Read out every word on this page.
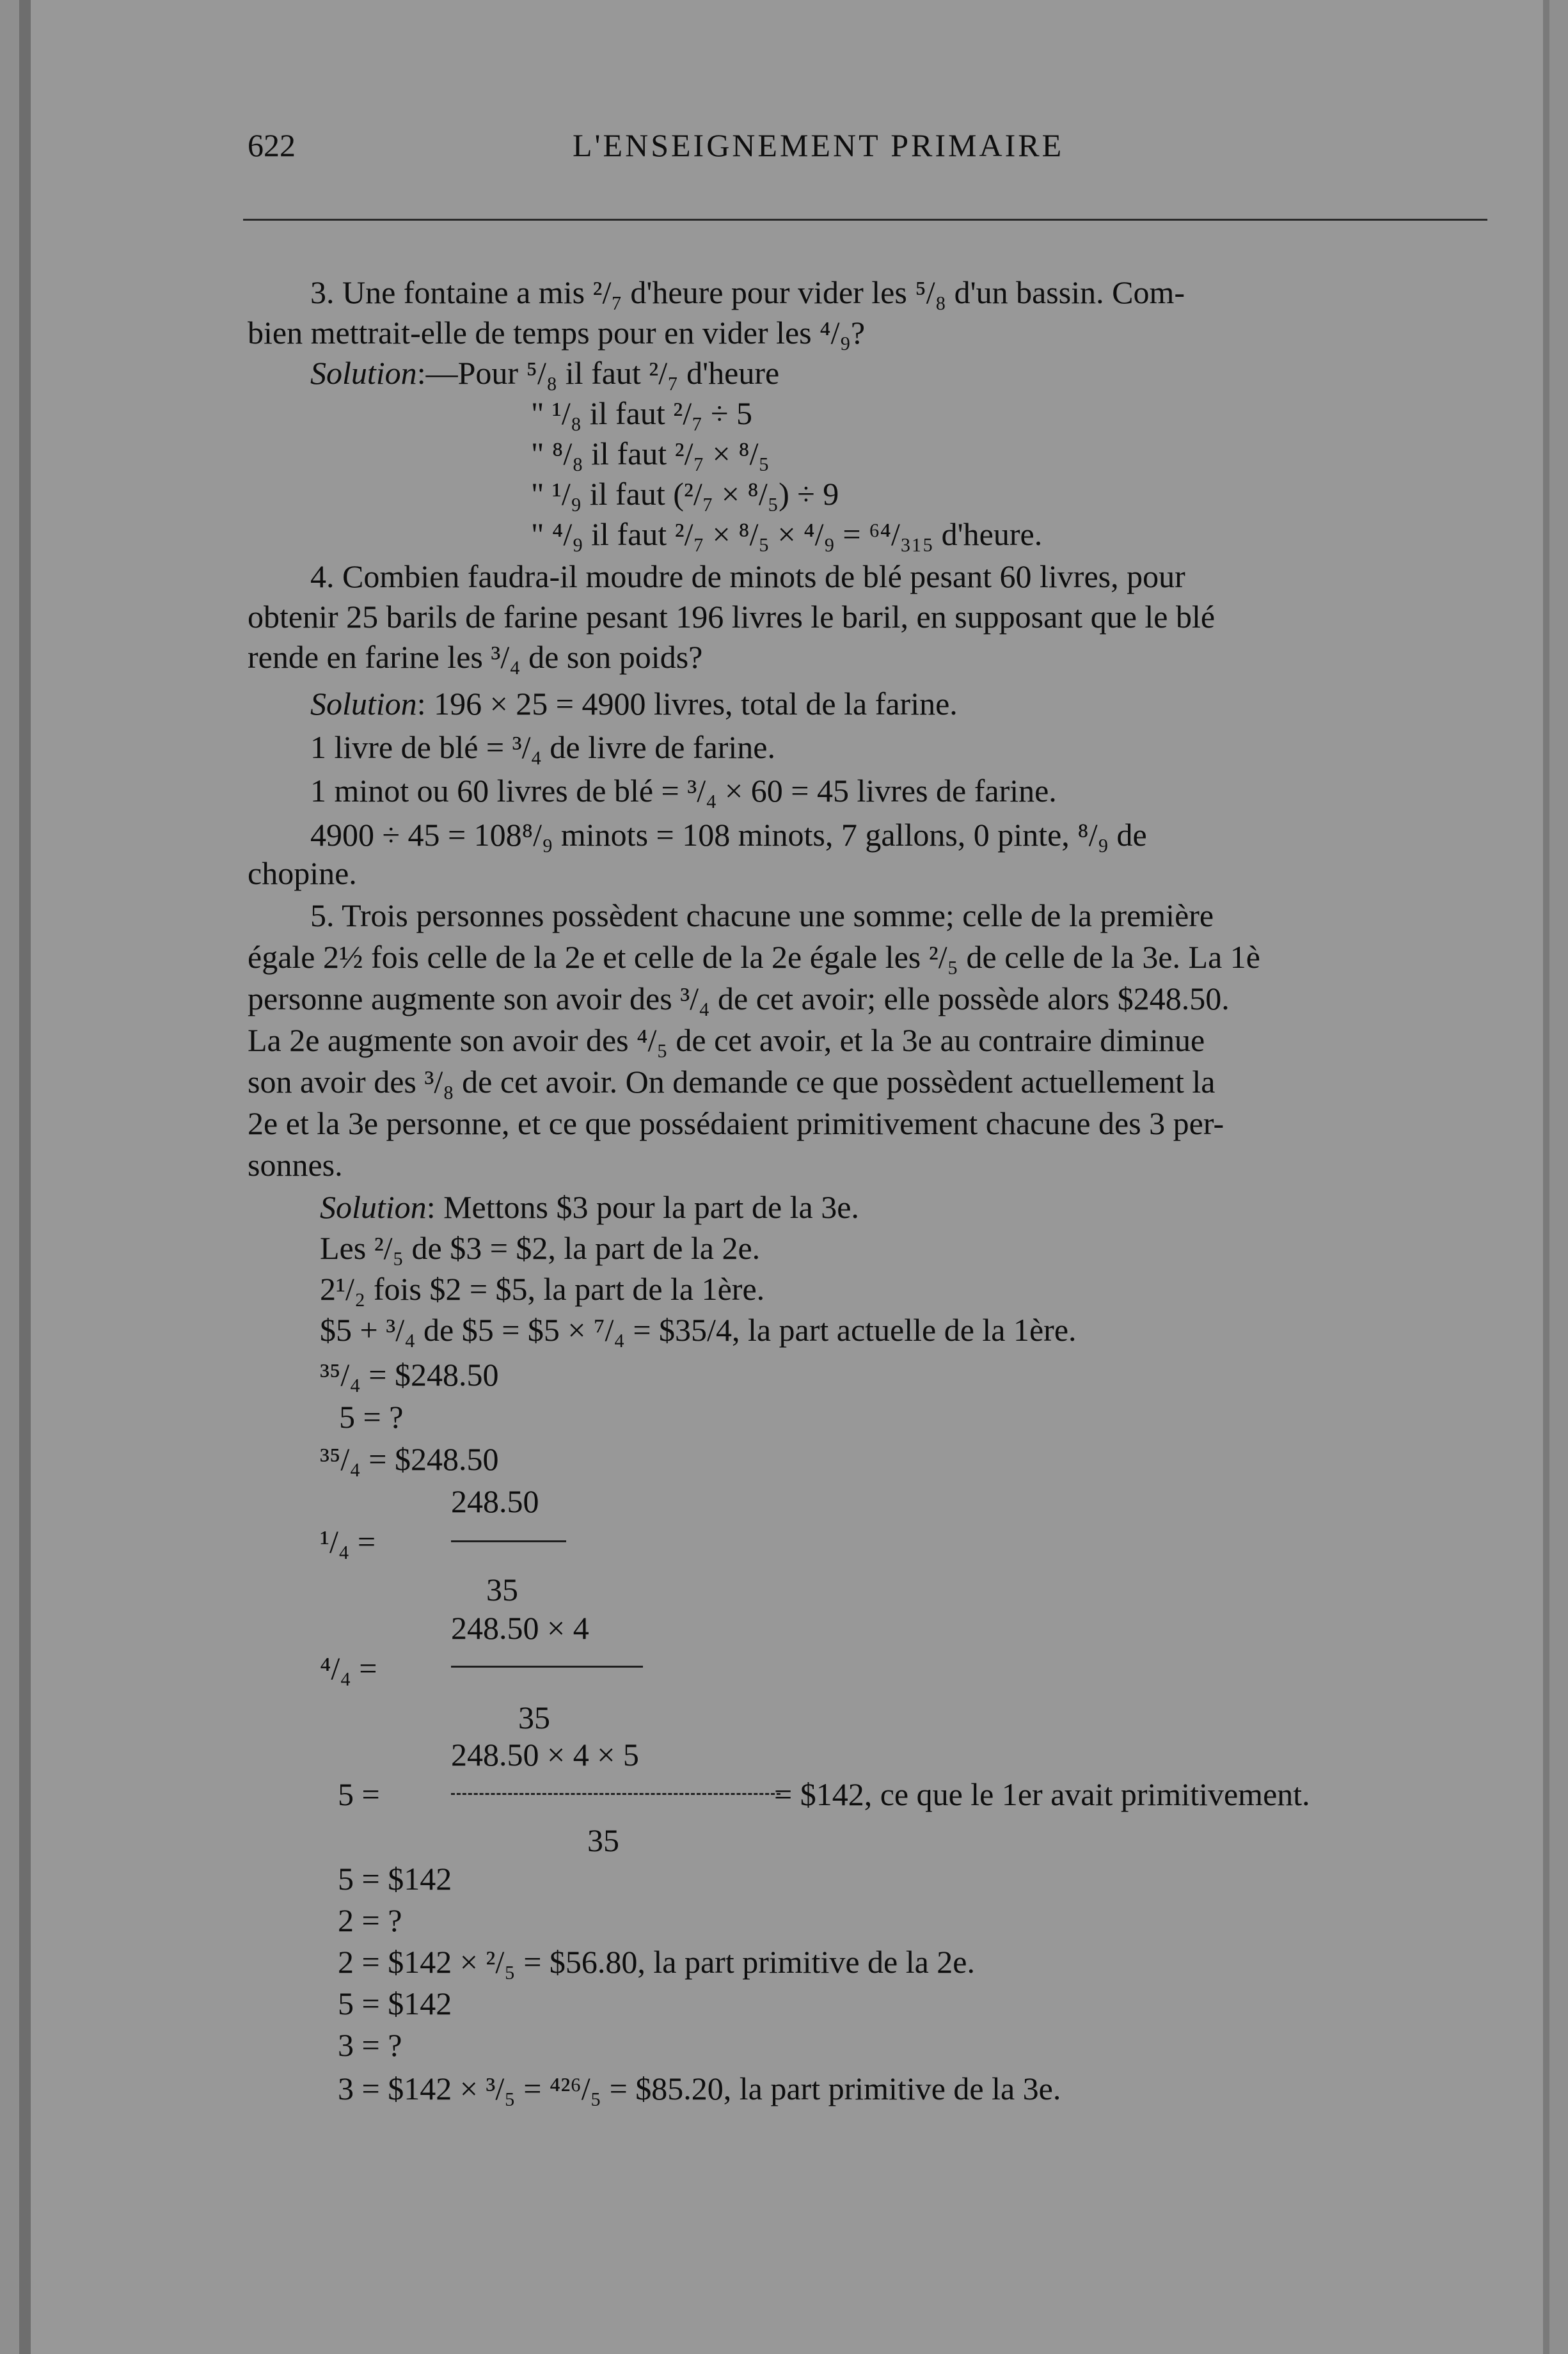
622	L'ENSEIGNEMENT PRIMAIRE
3. Une fontaine a mis ²/₇ d'heure pour vider les ⁵/₈ d'un bassin. Com-
bien mettrait-elle de temps pour en vider les ⁴/₉?
Solution:—Pour ⁵/₈ il faut ²/₇ d'heure
" ¹/₈ il faut ²/₇ ÷ 5
" ⁸/₈ il faut ²/₇ × ⁸/₅
" ¹/₉ il faut (²/₇ × ⁸/₅) ÷ 9
" ⁴/₉ il faut ²/₇ × ⁸/₅ × ⁴/₉ = ⁶⁴/₃₁₅ d'heure.
4. Combien faudra-il moudre de minots de blé pesant 60 livres, pour
obtenir 25 barils de farine pesant 196 livres le baril, en supposant que le blé
rende en farine les ³/₄ de son poids?
Solution: 196 × 25 = 4900 livres, total de la farine.
1 livre de blé = ³/₄ de livre de farine.
1 minot ou 60 livres de blé = ³/₄ × 60 = 45 livres de farine.
4900 ÷ 45 = 108⁸/₉ minots = 108 minots, 7 gallons, 0 pinte, ⁸/₉ de
chopine.
5. Trois personnes possèdent chacune une somme; celle de la première
égale 2½ fois celle de la 2e et celle de la 2e égale les ²/₅ de celle de la 3e. La 1è
personne augmente son avoir des ³/₄ de cet avoir; elle possède alors $248.50.
La 2e augmente son avoir des ⁴/₅ de cet avoir, et la 3e au contraire diminue
son avoir des ³/₈ de cet avoir. On demande ce que possèdent actuellement la
2e et la 3e personne, et ce que possédaient primitivement chacune des 3 per-
sonnes.
Solution: Mettons $3 pour la part de la 3e.
Les ²/₅ de $3 = $2, la part de la 2e.
2¹/₂ fois $2 = $5, la part de la 1ère.
$5 + ³/₄ de $5 = $5 × ⁷/₄ = $35/4, la part actuelle de la 1ère.
³⁵/₄ = $248.50
5 = ?
³⁵/₄ = $248.50
248.50
¹/₄ =
35
248.50 × 4
⁴/₄ =
35
248.50 × 4 × 5
5 =	= $142, ce que le 1er avait primitivement.
35
5 = $142
2 = ?
2 = $142 × ²/₅ = $56.80, la part primitive de la 2e.
5 = $142
3 = ?
3 = $142 × ³/₅ = ⁴²⁶/₅ = $85.20, la part primitive de la 3e.
